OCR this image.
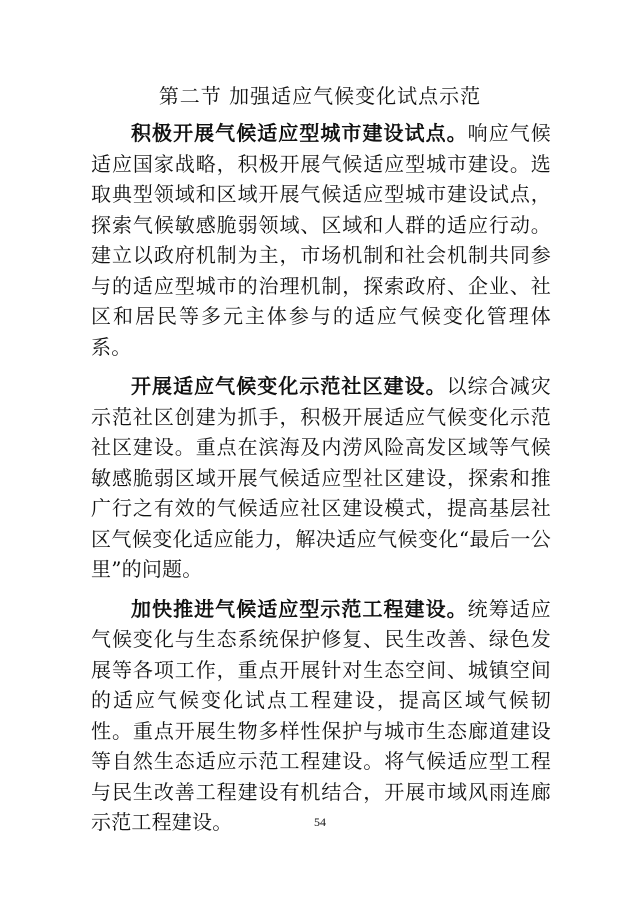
第二节 加强适应气候变化试点示范

积极开展气候适应型城市建设试点。响应气候适应国家战略，积极开展气候适应型城市建设。选取典型领域和区域开展气候适应型城市建设试点，探索气候敏感脆弱领域、区域和人群的适应行动。建立以政府机制为主，市场机制和社会机制共同参与的适应型城市的治理机制，探索政府、企业、社区和居民等多元主体参与的适应气候变化管理体系。

开展适应气候变化示范社区建设。以综合减灾示范社区创建为抓手，积极开展适应气候变化示范社区建设。重点在滨海及内涝风险高发区域等气候敏感脆弱区域开展气候适应型社区建设，探索和推广行之有效的气候适应社区建设模式，提高基层社区气候变化适应能力，解决适应气候变化“最后一公里”的问题。

加快推进气候适应型示范工程建设。统筹适应气候变化与生态系统保护修复、民生改善、绿色发展等各项工作，重点开展针对生态空间、城镇空间的适应气候变化试点工程建设，提高区域气候韧性。重点开展生物多样性保护与城市生态廊道建设等自然生态适应示范工程建设。将气候适应型工程与民生改善工程建设有机结合，开展市域风雨连廊示范工程建设。	54
